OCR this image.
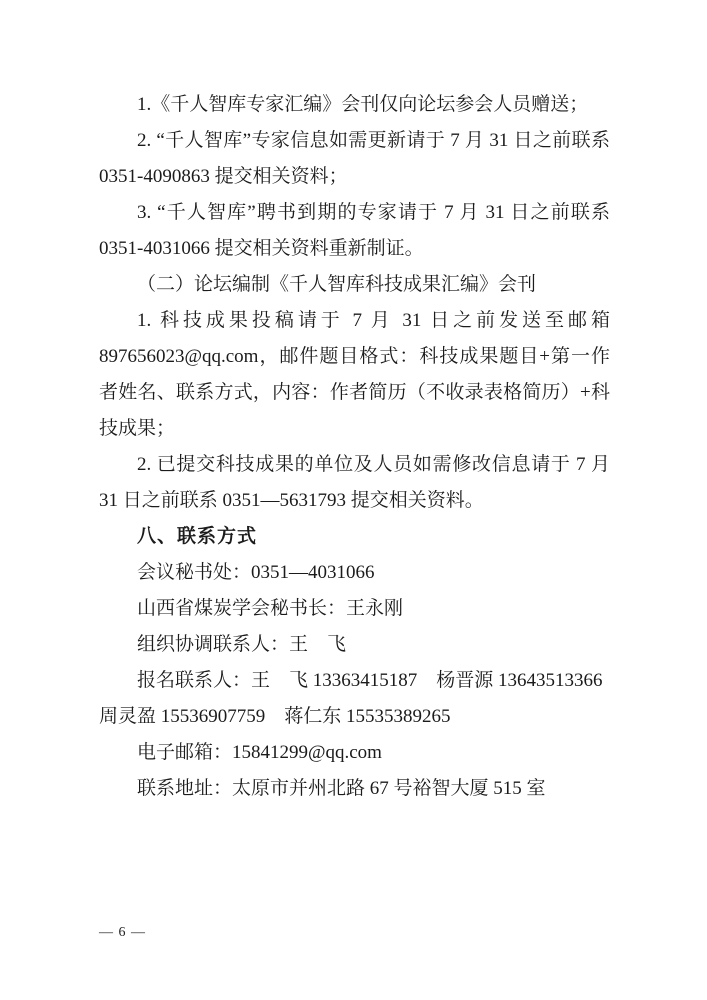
1.《千人智库专家汇编》会刊仅向论坛参会人员赠送；

2. “千人智库”专家信息如需更新请于 7 月 31 日之前联系 0351-4090863 提交相关资料；

3. “千人智库”聘书到期的专家请于 7 月 31 日之前联系 0351-4031066 提交相关资料重新制证。

（二）论坛编制《千人智库科技成果汇编》会刊

1. 科技成果投稿请于 7 月 31 日之前发送至邮箱 897656023@qq.com，邮件题目格式：科技成果题目+第一作者姓名、联系方式，内容：作者简历（不收录表格简历）+科技成果；

2. 已提交科技成果的单位及人员如需修改信息请于 7 月 31 日之前联系 0351—5631793 提交相关资料。

八、联系方式

会议秘书处：0351—4031066

山西省煤炭学会秘书长：王永刚

组织协调联系人：王　飞

报名联系人：王　飞 13363415187　杨晋源 13643513366

周灵盈 15536907759　蒋仁东 15535389265

电子邮箱：15841299@qq.com

联系地址：太原市并州北路 67 号裕智大厦 515 室

— 6 —
